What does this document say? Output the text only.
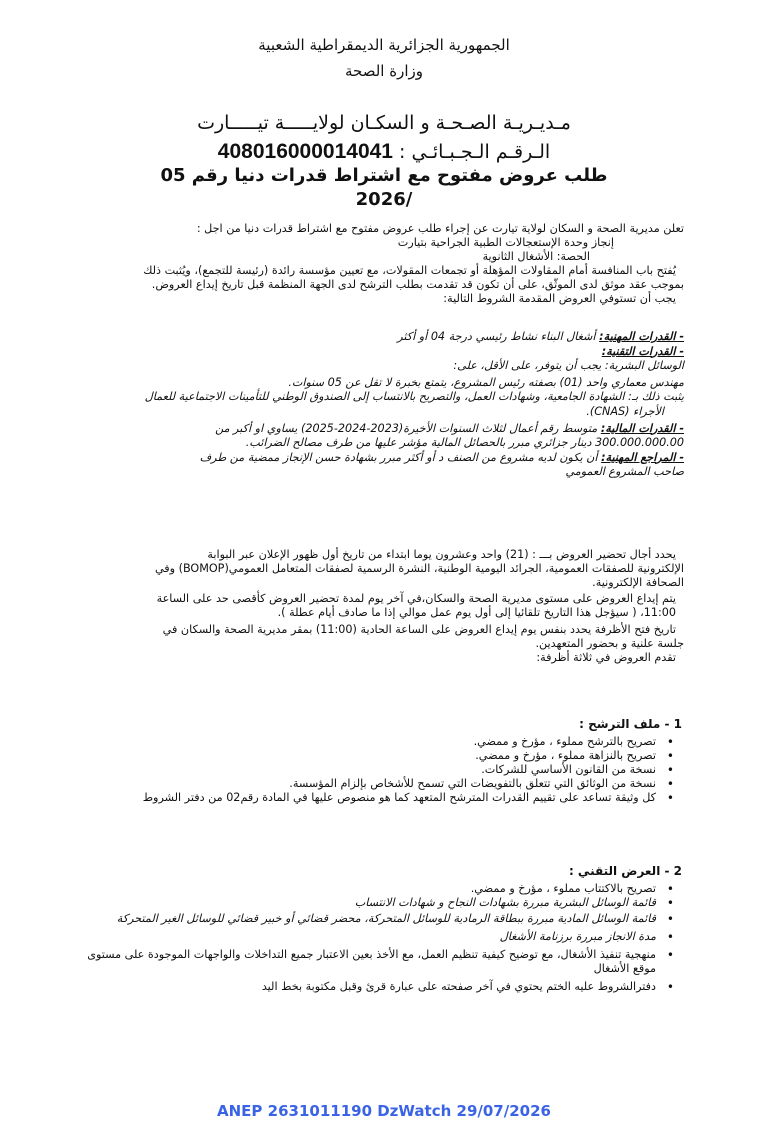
الجمهورية الجزائرية الديمقراطية الشعبية
وزارة الصحة
مـديـريـة الصـحـة و السكـان لولايـــــة تيـــــارت
الـرقـم الـجـبـائـي : 408016000014041
طلب عروض مفتوح مع اشتراط قدرات دنيا رقم 05
/2026
تعلن مديرية الصحة و السكان لولاية تيارت عن إجراء طلب عروض مفتوح مع اشتراط قدرات دنيا من اجل :
إنجاز وحدة الإستعجالات الطبية الجراحية بتيارت
الحصة: الأشغال الثانوية
يُفتح باب المنافسة أمام المقاولات المؤهلة أو تجمعات المقولات، مع تعيين مؤسسة رائدة (رئيسة للتجمع)، ويُثبت ذلك
بموجب عقد موثق لدى الموثّق، على أن تكون قد تقدمت بطلب الترشح لدى الجهة المنظمة قبل تاريخ إيداع العروض.
يجب أن تستوفي العروض المقدمة الشروط التالية:
- القدرات المهنية: أشغال البناء نشاط رئيسي درجة 04 أو أكثر
- القدرات التقنية:
الوسائل البشرية: يجب أن يتوفر، على الأقل، على:
مهندس معماري واحد (01) بصفته رئيس المشروع، يتمتع بخبرة لا تقل عن 05 سنوات.
يثبت ذلك بـ: الشهادة الجامعية، وشهادات العمل، والتصريح بالانتساب إلى الصندوق الوطني للتأمينات الاجتماعية للعمال
الأجراء (CNAS).
- القدرات المالية: متوسط رقم أعمال لثلاث السنوات الأخيرة(2023-2024-2025) يساوي او أكبر من
300.000.000.00 دينار جزائري مبرر بالحصائل المالية مؤشر عليها من طرف مصالح الضرائب.
- المراجع المهنية: أن يكون لديه مشروع من الصنف د أو أكثر مبرر بشهادة حسن الإنجاز ممضية من طرف
صاحب المشروع العمومي
يحدد أجال تحضير العروض بـــ : (21) واحد وعشرون يوما ابتداء من تاريخ أول ظهور الإعلان عبر البوابة
الإلكترونية للصفقات العمومية، الجرائد اليومية الوطنية، النشرة الرسمية لصفقات المتعامل العمومي(BOMOP) وفي
الصحافة الإلكترونية.
يتم إيداع العروض على مستوى مديرية الصحة والسكان،في آخر يوم لمدة تحضير العروض كأقصى حد على الساعة
11:00، ( سيؤجل هذا التاريخ تلقائيا إلى أول يوم عمل موالي إذا ما صادف أيام عطلة ).
تاريخ فتح الأظرفة يحدد بنفس يوم إيداع العروض على الساعة الحادية (11:00) بمقر مديرية الصحة والسكان في
جلسة علنية و بحضور المتعهدين.
تقدم العروض في ثلاثة أظرفة:
1 - ملف الترشح :
• تصريح بالترشح مملوء ، مؤرخ و ممضي.
• تصريح بالنزاهة مملوء ، مؤرخ و ممضي.
• نسخة من القانون الأساسي للشركات.
• نسخة من الوثائق التي تتعلق بالتفويضات التي تسمح للأشخاص بإلزام المؤسسة.
• كل وثيقة تساعد على تقييم القدرات المترشح المتعهد كما هو منصوص عليها في المادة رقم02 من دفتر الشروط
2 - العرض التقني :
• تصريح بالاكتتاب مملوء ، مؤرخ و ممضي.
• قائمة الوسائل البشرية مبررة بشهادات النجاح و شهادات الانتساب
• قائمة الوسائل المادية مبررة ببطاقة الرمادية للوسائل المتحركة، محضر قضائي أو خبير قضائي للوسائل الغير المتحركة
• مدة الانجاز مبررة برزنامة الأشغال
• منهجية تنفيذ الأشغال، مع توضيح كيفية تنظيم العمل، مع الأخذ بعين الاعتبار جميع التداخلات والواجهات الموجودة على مستوى موقع الأشغال
• دفترالشروط عليه الختم يحتوي في آخر صفحته على عبارة قرئ وقبل مكتوبة بخط اليد
ANEP 2631011190 DzWatch 29/07/2026
